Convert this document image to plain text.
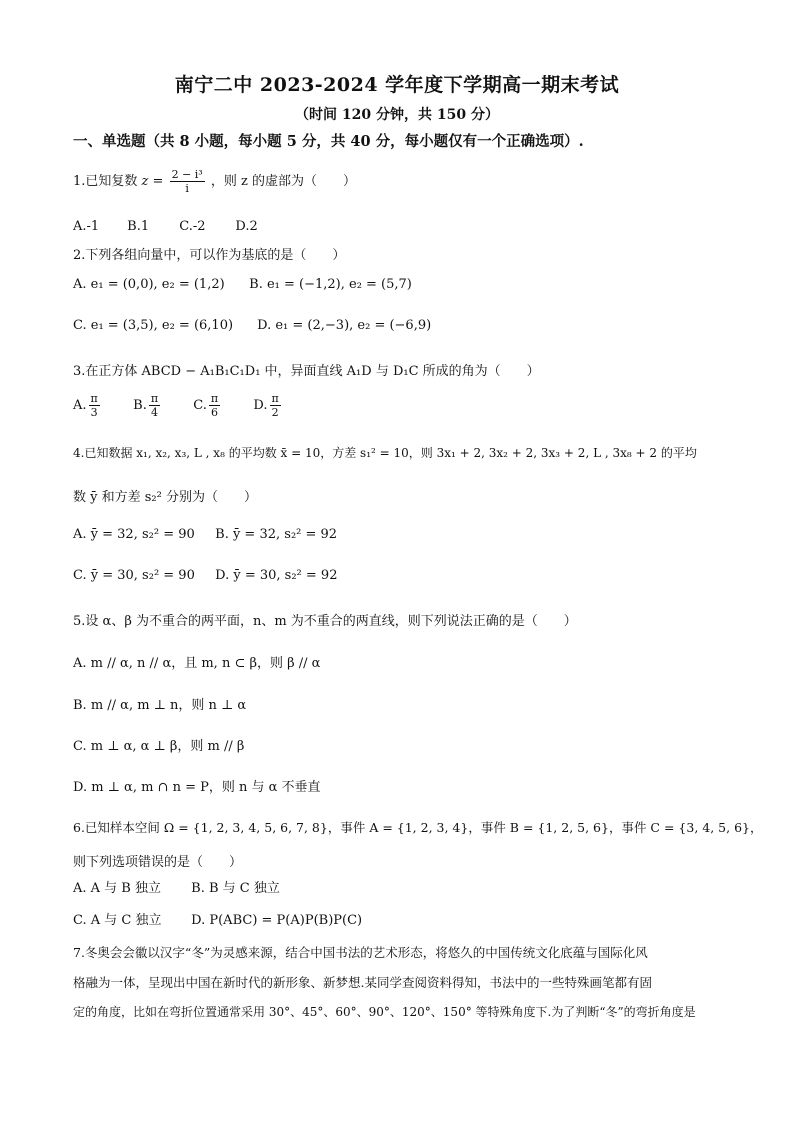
南宁二中 2023-2024 学年度下学期高一期末考试
（时间 120 分钟，共 150 分）
一、单选题（共 8 小题，每小题 5 分，共 40 分，每小题仅有一个正确选项）.
1.已知复数 $z = \frac{\text{2 − i³}}{i}$ ，则 z 的虚部为（　　）
A.-1 B.1 C.-2 D.2
2.下列各组向量中，可以作为基底的是（　　）
A. e₁ = (0,0), e₂ = (1,2) B. e₁ = (−1,2), e₂ = (5,7)
C. e₁ = (3,5), e₂ = (6,10) D. e₁ = (2,−3), e₂ = (−6,9)
3.在正方体 ABCD − A₁B₁C₁D₁ 中，异面直线 A₁D 与 D₁C 所成的角为（　　）
A. $\frac{\pi}{3}$	B. $\frac{\pi}{4}$	C. $\frac{\pi}{6}$	D. $\frac{\pi}{2}$
4.已知数据 x₁, x₂, x₃, L , x₈ 的平均数 x̄ = 10，方差 s₁² = 10，则 3x₁ + 2, 3x₂ + 2, 3x₃ + 2, L , 3x₈ + 2 的平均
数 ȳ 和方差 s₂² 分别为（　　）
A. ȳ = 32, s₂² = 90 B. ȳ = 32, s₂² = 92
C. ȳ = 30, s₂² = 90 D. ȳ = 30, s₂² = 92
5.设 α、β 为不重合的两平面，n、m 为不重合的两直线，则下列说法正确的是（　　）
A. m // α, n // α，且 m, n ⊂ β，则 β // α
B. m // α, m ⊥ n，则 n ⊥ α
C. m ⊥ α, α ⊥ β，则 m // β
D. m ⊥ α, m ∩ n = P，则 n 与 α 不垂直
6.已知样本空间 Ω = {1, 2, 3, 4, 5, 6, 7, 8}，事件 A = {1, 2, 3, 4}，事件 B = {1, 2, 5, 6}，事件 C = {3, 4, 5, 6}，
则下列选项错误的是（　　）
A. A 与 B 独立 B. B 与 C 独立
C. A 与 C 独立 D. P(ABC) = P(A)P(B)P(C)
7.冬奥会会徽以汉字“冬”为灵感来源，结合中国书法的艺术形态，将悠久的中国传统文化底蕴与国际化风
格融为一体，呈现出中国在新时代的新形象、新梦想.某同学查阅资料得知，书法中的一些特殊画笔都有固
定的角度，比如在弯折位置通常采用 30°、45°、60°、90°、120°、150° 等特殊角度下.为了判断“冬”的弯折角度是
